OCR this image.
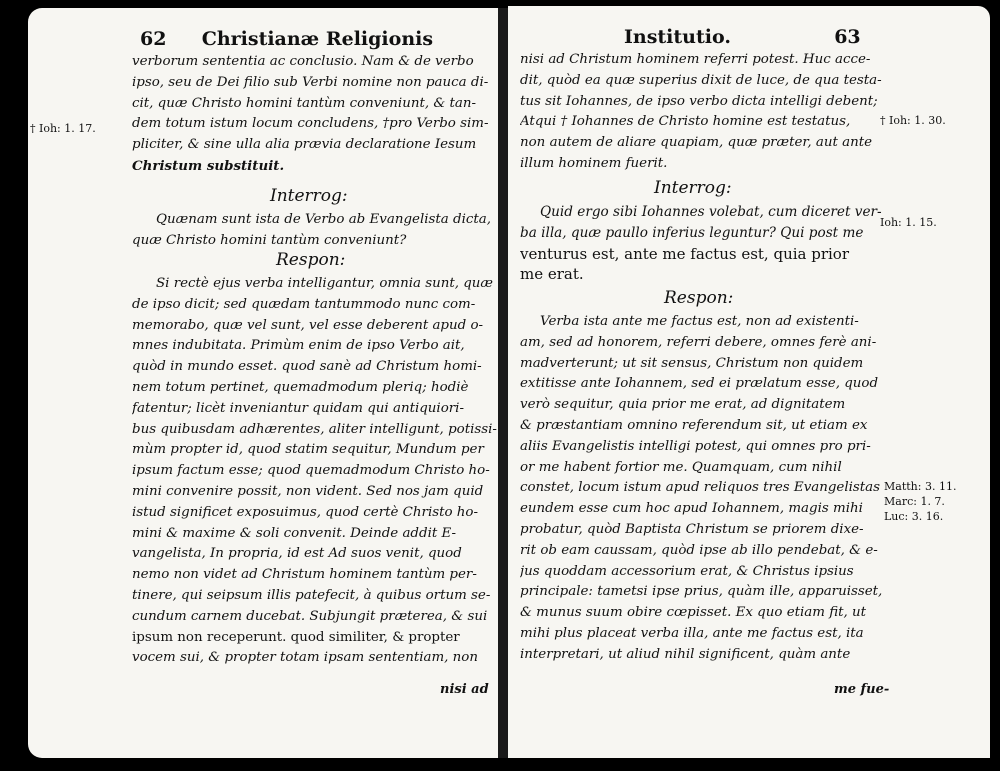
62 Christianæ Religionis
verborum sententia ac conclusio. Nam & de verbo
ipso, seu de Dei filio sub Verbi nomine non pauca di-
cit, quæ Christo homini tantùm conveniunt, & tan-
dem totum istum locum concludens, †pro Verbo sim-
pliciter, & sine ulla alia prævia declaratione Iesum
Christum substituit.
† Ioh: 1. 17.
Interrog:
Quænam sunt ista de Verbo ab Evangelista dicta,
quæ Christo homini tantùm conveniunt?
Respon:
Si rectè ejus verba intelligantur, omnia sunt, quæ
de ipso dicit; sed quædam tantummodo nunc com-
memorabo, quæ vel sunt, vel esse deberent apud o-
mnes indubitata. Primùm enim de ipso Verbo ait,
quòd in mundo esset. quod sanè ad Christum homi-
nem totum pertinet, quemadmodum pleriq; hodiè
fatentur; licèt inveniantur quidam qui antiquiori-
bus quibusdam adhærentes, aliter intelligunt, potissi-
mùm propter id, quod statim sequitur, Mundum per
ipsum factum esse; quod quemadmodum Christo ho-
mini convenire possit, non vident. Sed nos jam quid
istud significet exposuimus, quod certè Christo ho-
mini & maxime & soli convenit. Deinde addit E-
vangelista, In propria, id est Ad suos venit, quod
nemo non videt ad Christum hominem tantùm per-
tinere, qui seipsum illis patefecit, à quibus ortum se-
cundum carnem ducebat. Subjungit præterea, & sui
ipsum non receperunt. quod similiter, & propter
vocem sui, & propter totam ipsam sententiam, non
nisi ad
Institutio.	63
nisi ad Christum hominem referri potest. Huc acce-
dit, quòd ea quæ superius dixit de luce, de qua testa-
tus sit Iohannes, de ipso verbo dicta intelligi debent;
Atqui † Iohannes de Christo homine est testatus,
non autem de aliare quapiam, quæ præter, aut ante
illum hominem fuerit.
Interrog:
Quid ergo sibi Iohannes volebat, cum diceret ver-
ba illa, quæ paullo inferius leguntur? Qui post me
venturus est, ante me factus est, quia prior
me erat.
Respon:
Verba ista ante me factus est, non ad existenti-
am, sed ad honorem, referri debere, omnes ferè ani-
madverterunt; ut sit sensus, Christum non quidem
extitisse ante Iohannem, sed ei prælatum esse, quod
verò sequitur, quia prior me erat, ad dignitatem
& præstantiam omnino referendum sit, ut etiam ex
aliis Evangelistis intelligi potest, qui omnes pro pri-
or me habent fortior me. Quamquam, cum nihil
constet, locum istum apud reliquos tres Evangelistas
eundem esse cum hoc apud Iohannem, magis mihi
probatur, quòd Baptista Christum se priorem dixe-
rit ob eam caussam, quòd ipse ab illo pendebat, & e-
jus quoddam accessorium erat, & Christus ipsius
principale: tametsi ipse prius, quàm ille, apparuisset,
& munus suum obire cœpisset. Ex quo etiam fit, ut
mihi plus placeat verba illa, ante me factus est, ita
interpretari, ut aliud nihil significent, quàm ante
me fue-
† Ioh: 1. 30.
Ioh: 1. 15.
Matth: 3. 11.
Marc: 1. 7.
Luc: 3. 16.
